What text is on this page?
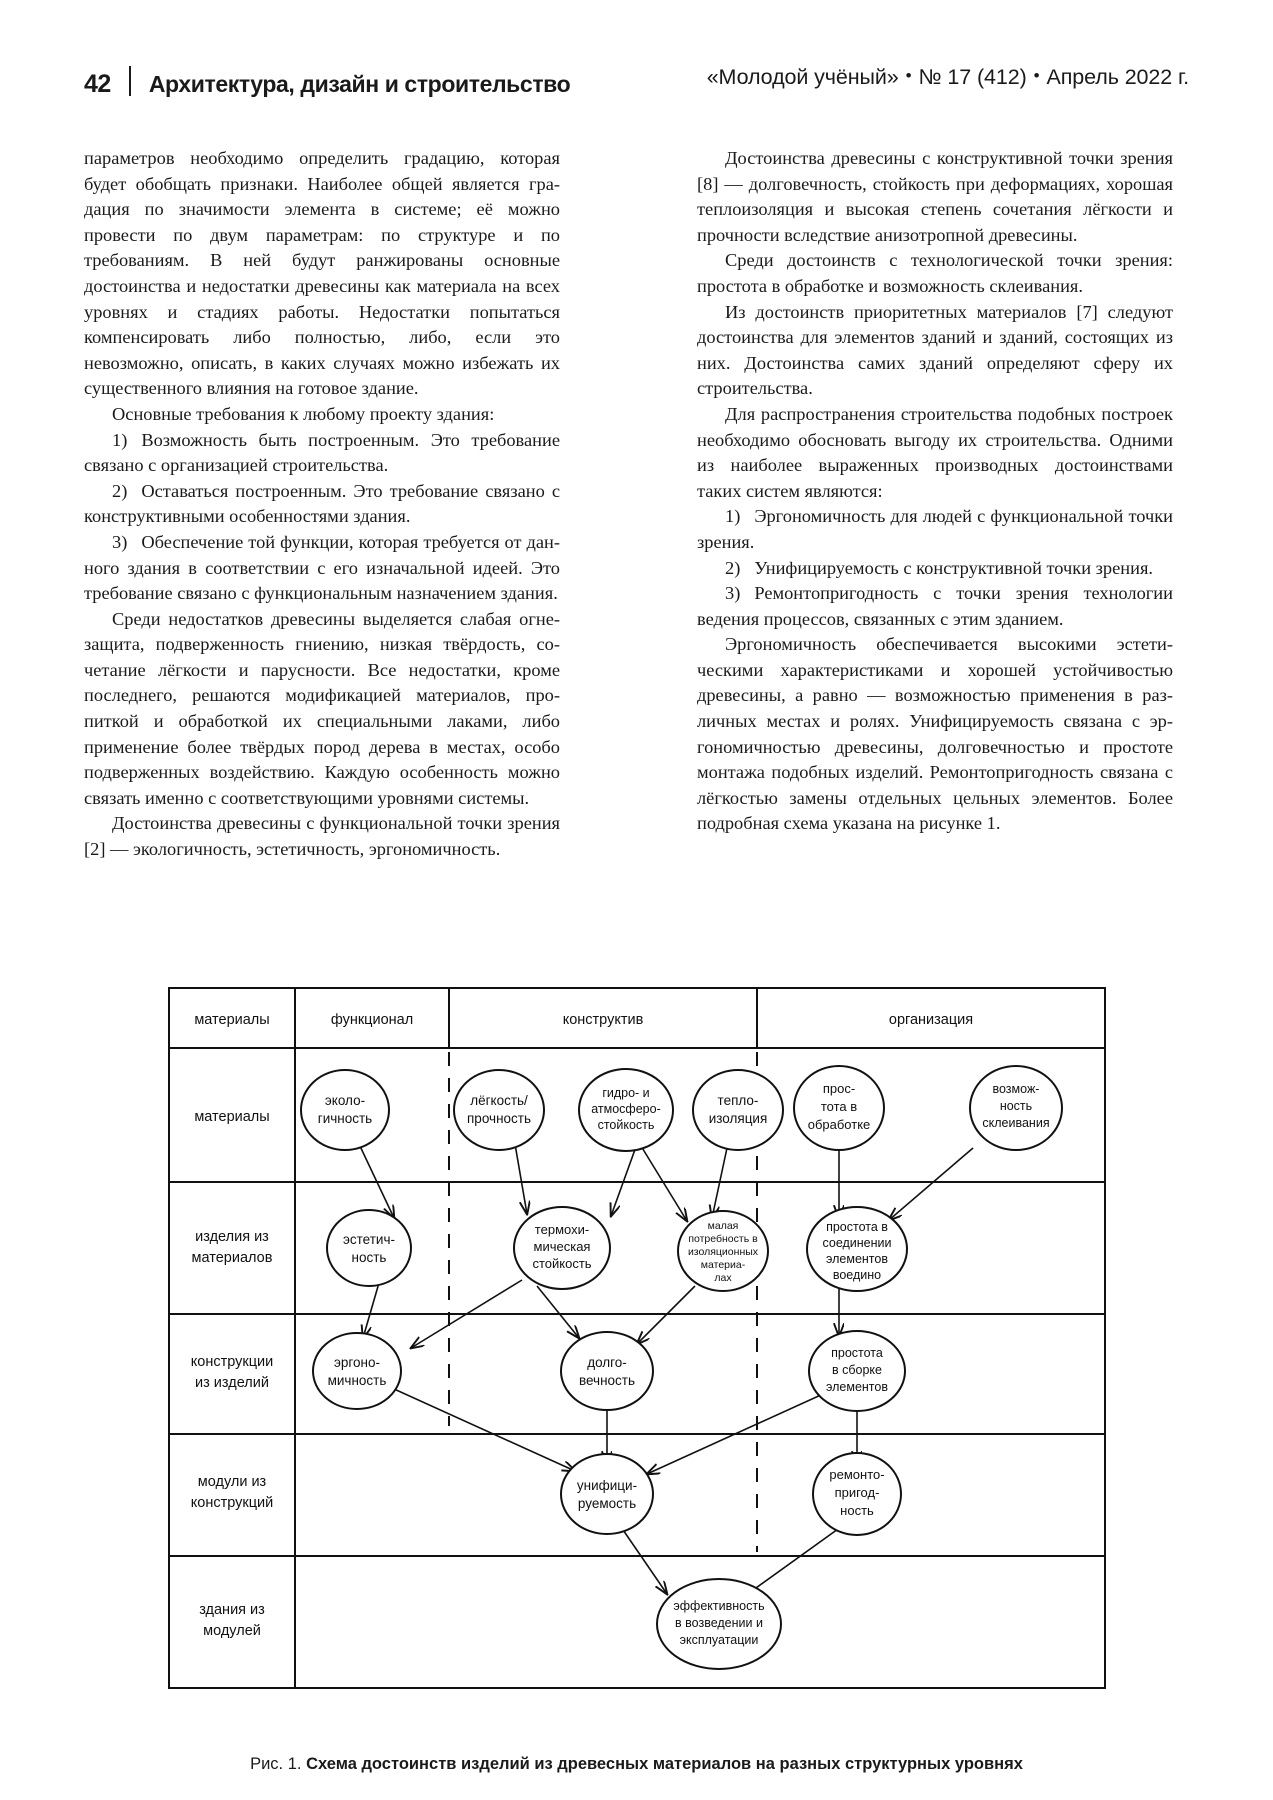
42 Архитектура, дизайн и строительство	«Молодой учёный» • № 17 (412) • Апрель 2022 г.

параметров необходимо определить градацию, которая будет обобщать признаки. Наиболее общей является градация по значимости элемента в системе; её можно провести по двум параметрам: по структуре и по требованиям. В ней будут ранжированы основные достоинства и недостатки древесины как материала на всех уровнях и стадиях работы. Недостатки попытаться компенсировать либо полностью, либо, если это невозможно, описать, в каких случаях можно избежать их существенного влияния на готовое здание.

Основные требования к любому проекту здания:

1) Возможность быть построенным. Это требование связано с организацией строительства.

2) Оставаться построенным. Это требование связано с конструктивными особенностями здания.

3) Обеспечение той функции, которая требуется от данного здания в соответствии с его изначальной идеей. Это требование связано с функциональным назначением здания.

Среди недостатков древесины выделяется слабая огнезащита, подверженность гниению, низкая твёрдость, сочетание лёгкости и парусности. Все недостатки, кроме последнего, решаются модификацией материалов, пропиткой и обработкой их специальными лаками, либо применение более твёрдых пород дерева в местах, особо подверженных воздействию. Каждую особенность можно связать именно с соответствующими уровнями системы.

Достоинства древесины с функциональной точки зрения [2] — экологичность, эстетичность, эргономичность.

Достоинства древесины с конструктивной точки зрения [8] — долговечность, стойкость при деформациях, хорошая теплоизоляция и высокая степень сочетания лёгкости и прочности вследствие анизотропной древесины.

Среди достоинств с технологической точки зрения: простота в обработке и возможность склеивания.

Из достоинств приоритетных материалов [7] следуют достоинства для элементов зданий и зданий, состоящих из них. Достоинства самих зданий определяют сферу их строительства.

Для распространения строительства подобных построек необходимо обосновать выгоду их строительства. Одними из наиболее выраженных производных достоинствами таких систем являются:

1) Эргономичность для людей с функциональной точки зрения.

2) Унифицируемость с конструктивной точки зрения.

3) Ремонтопригодность с точки зрения технологии ведения процессов, связанных с этим зданием.

Эргономичность обеспечивается высокими эстетическими характеристиками и хорошей устойчивостью древесины, а равно — возможностью применения в различных местах и ролях. Унифицируемость связана с эргономичностью древесины, долговечностью и простоте монтажа подобных изделий. Ремонтопригодность связана с лёгкостью замены отдельных цельных элементов. Более подробная схема указана на рисунке 1.

материалы	функционал	конструктив	организация
материалы
изделия из
материалов
конструкции
из изделий
модули из
конструкций
здания из
модулей
эколо-
гичность
лёгкость/
прочность
гидро- и
атмосферо-
стойкость
тепло-
изоляция
прос-
тота в
обработке
возмож-
ность
склеивания
эстетич-
ность
термохи-
мическая
стойкость
малая
потребность в
изоляционных
материа-
лах
простота в
соединении
элементов
воедино
эргоно-
мичность
долго-
вечность
простота
в сборке
элементов
унифици-
руемость
ремонто-
пригод-
ность
эффективность
в возведении и
эксплуатации
Рис. 1. Схема достоинств изделий из древесных материалов на разных структурных уровнях
